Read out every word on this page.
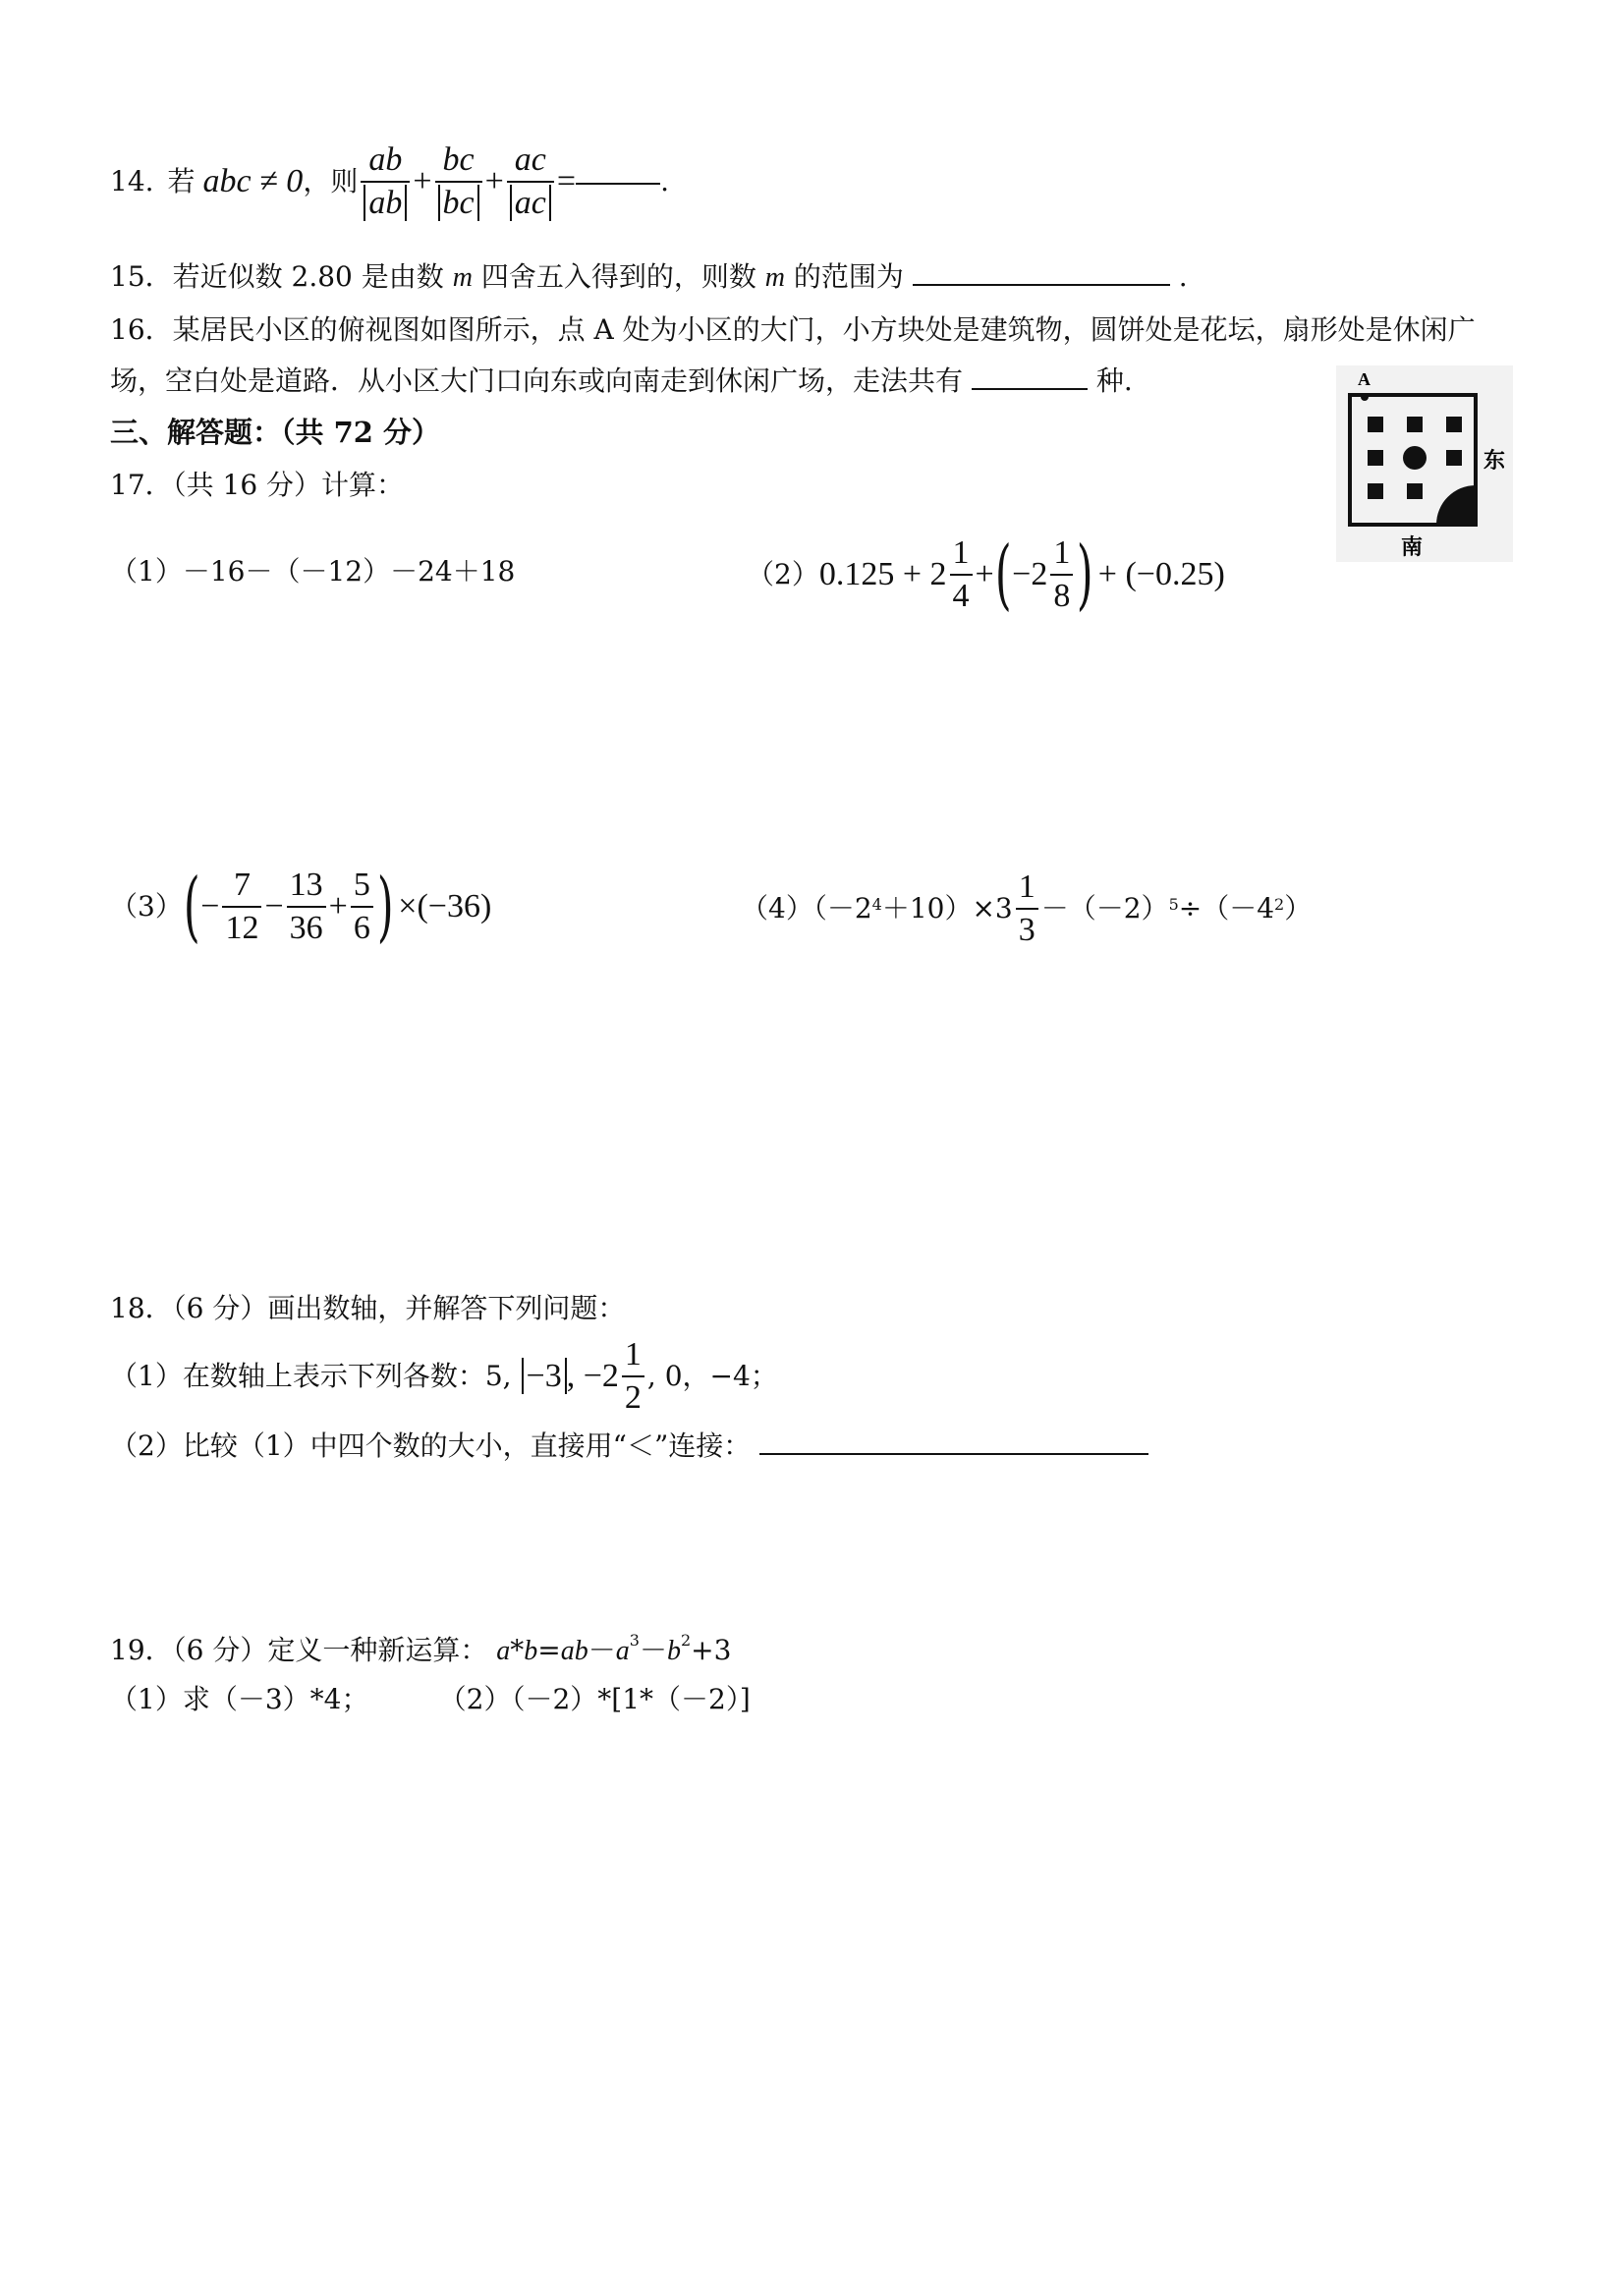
14. 若 abc ≠ 0 ，则 $\frac{ab}{ab} + \frac{bc}{bc} + \frac{ac}{ac}$ =	.
15．若近似数 2.80 是由数 m 四舍五入得到的，则数 m 的范围为	.
16．某居民小区的俯视图如图所示，点 A 处为小区的大门，小方块处是建筑物，圆饼处是花坛，扇形处是休闲广
场，空白处是道路．从小区大门口向东或向南走到休闲广场，走法共有	种.	A
东
南
三、解答题：（共 72 分）
17．（共 16 分）计算：
（1）－16－（－12）－24＋18	（2） $0.125 + 2 \frac{1}{4}$ + ( $-2 \frac{1}{8}$ ) + (−0.25)
（3） ( − $\frac{7}{12} - \frac{13}{36} + \frac{5}{6}$ ) ×(−36)	$(4)(-2^4 +10)\times 3 \frac{1}{3} -(-2)^5 \div(-4^2$ ）
18．（6 分）画出数轴，并解答下列问题：
（1）在数轴上表示下列各数：5, −3 , $-2 \frac{1}{2}$ , 0，−4；
（2）比较（1）中四个数的大小，直接用“＜”连接：
19．（6 分）定义一种新运算： $a*b=ab-a^3-b^2+3$
（1）求（－3）*4；        （2）（－2）*[1*（－2）]
